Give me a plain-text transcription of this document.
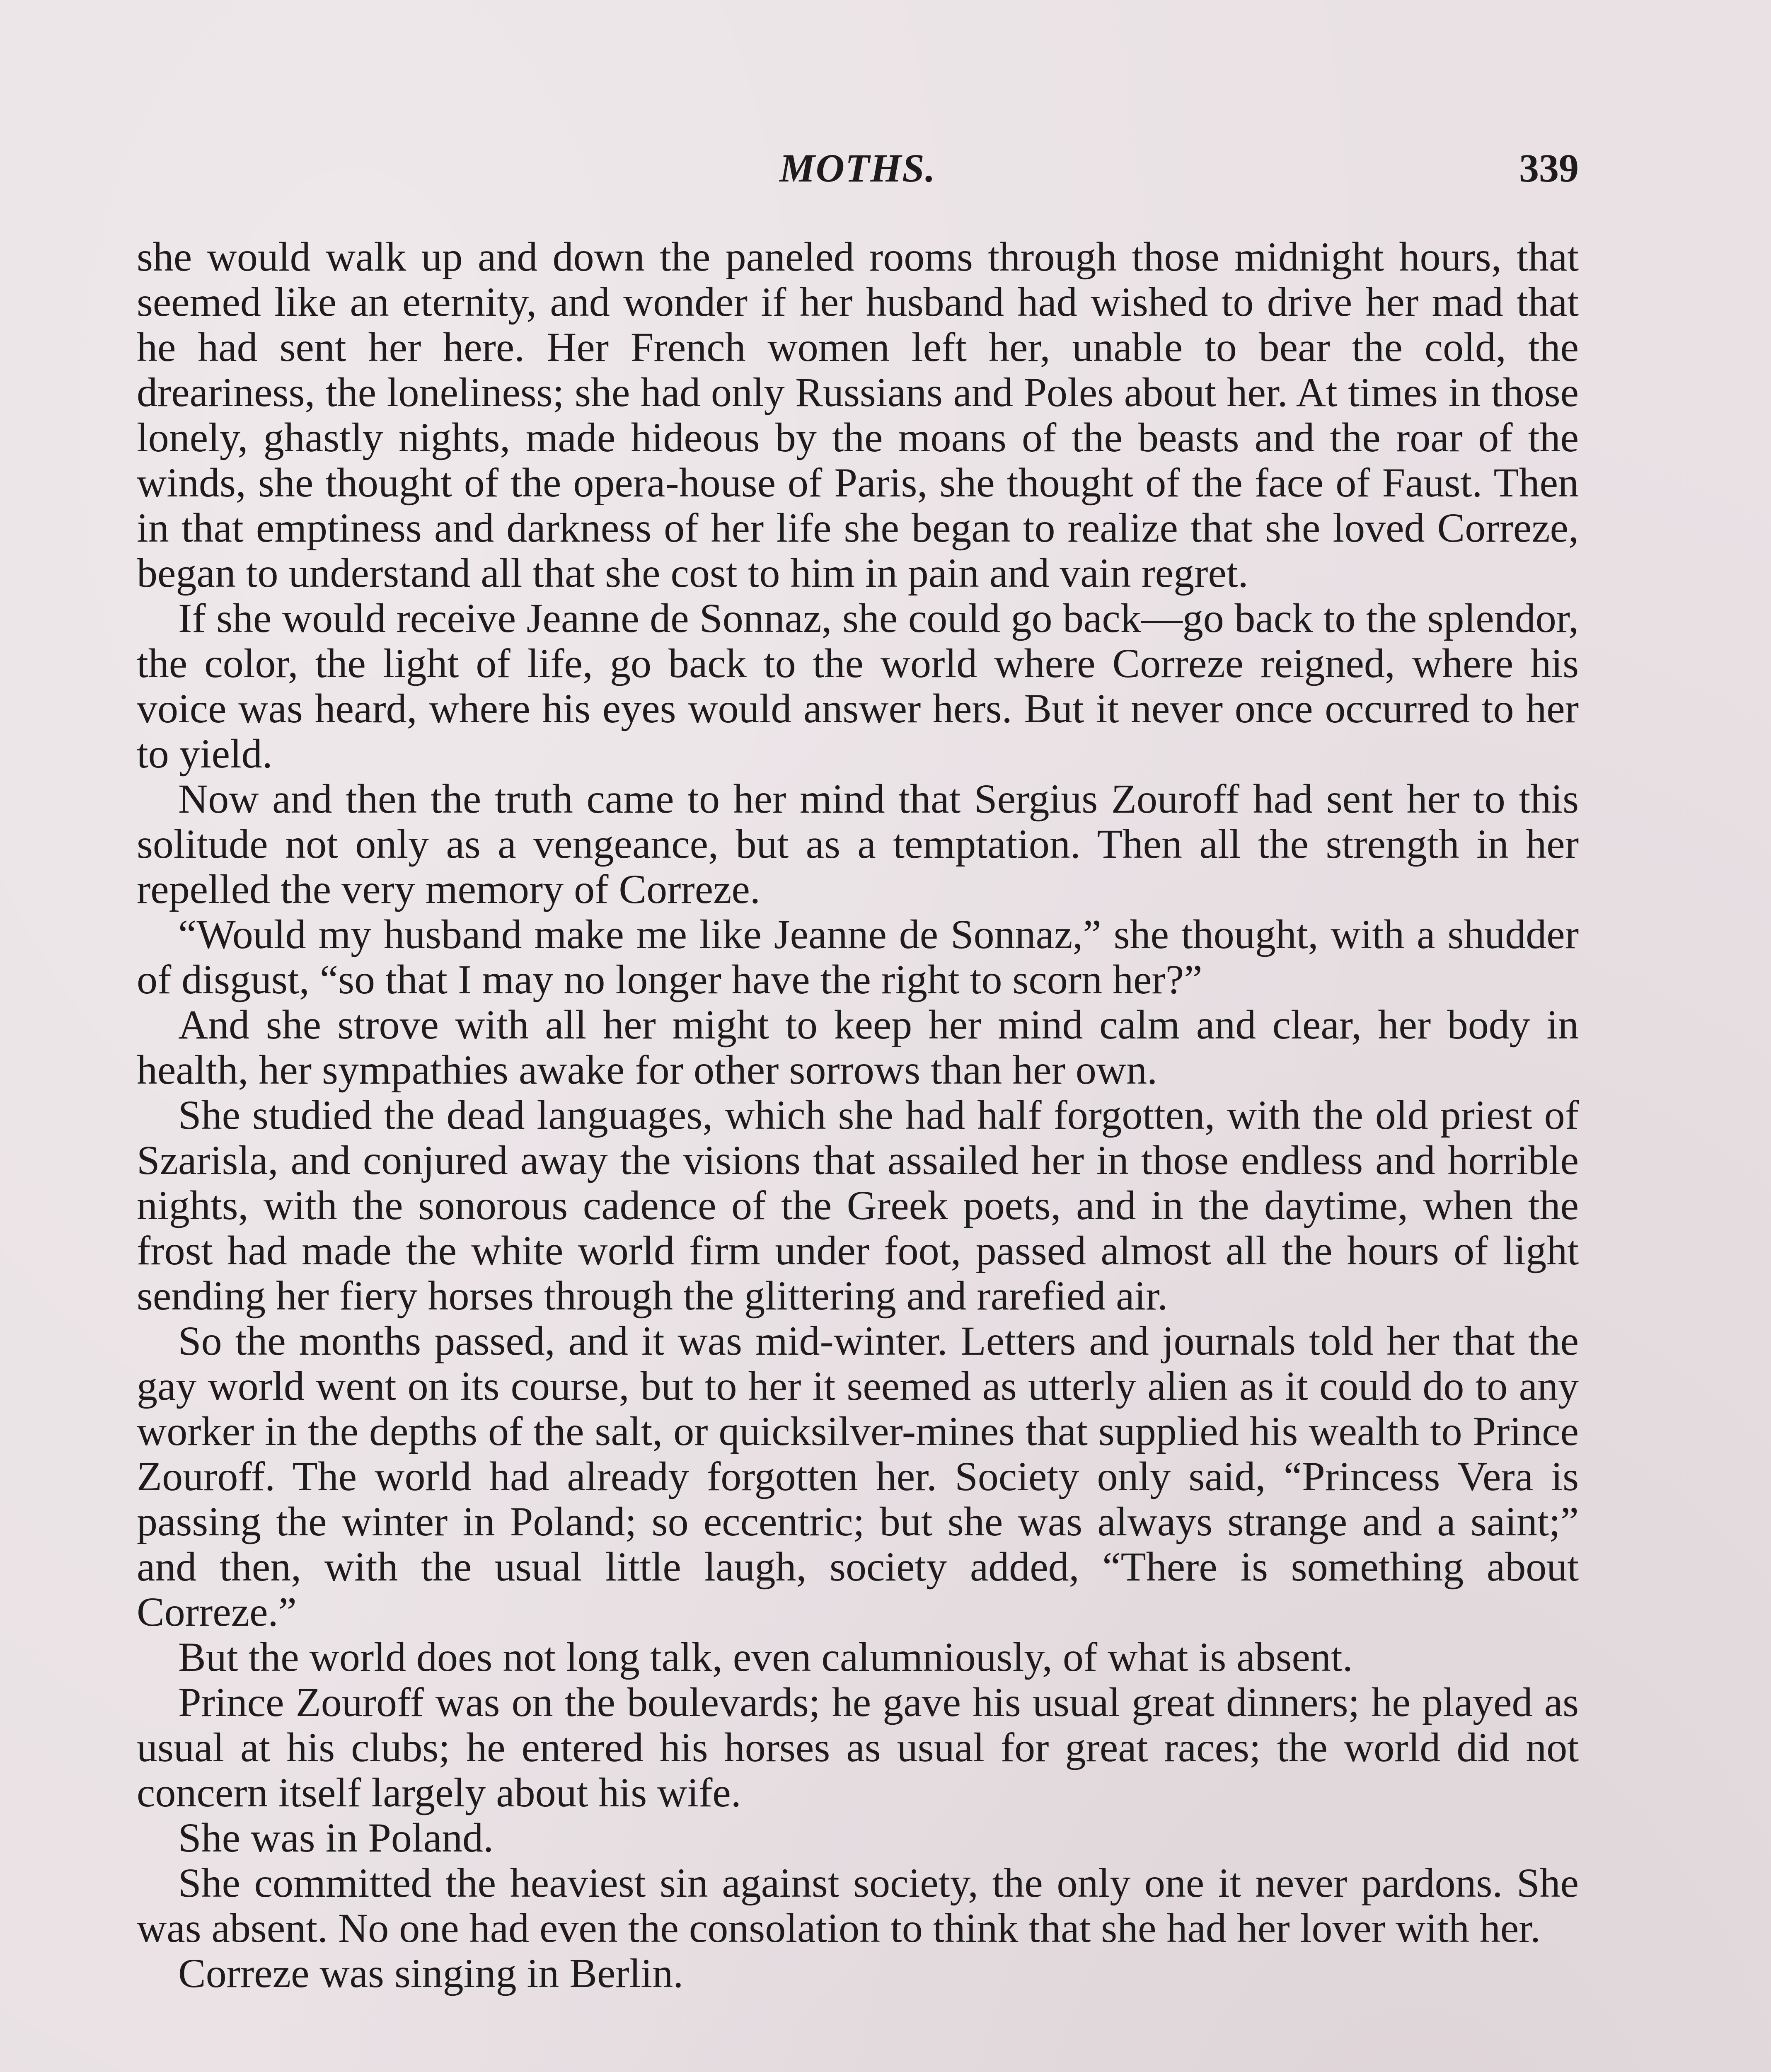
MOTHS.	339

she would walk up and down the paneled rooms through those midnight hours, that seemed like an eternity, and wonder if her husband had wished to drive her mad that he had sent her here. Her French women left her, unable to bear the cold, the dreariness, the loneliness; she had only Russians and Poles about her. At times in those lonely, ghastly nights, made hideous by the moans of the beasts and the roar of the winds, she thought of the opera-house of Paris, she thought of the face of Faust. Then in that emptiness and darkness of her life she began to realize that she loved Correze, began to understand all that she cost to him in pain and vain regret.

If she would receive Jeanne de Sonnaz, she could go back—go back to the splendor, the color, the light of life, go back to the world where Correze reigned, where his voice was heard, where his eyes would answer hers. But it never once occurred to her to yield.

Now and then the truth came to her mind that Sergius Zouroff had sent her to this solitude not only as a vengeance, but as a temptation. Then all the strength in her repelled the very memory of Correze.

“Would my husband make me like Jeanne de Sonnaz,” she thought, with a shudder of disgust, “so that I may no longer have the right to scorn her?”

And she strove with all her might to keep her mind calm and clear, her body in health, her sympathies awake for other sorrows than her own.

She studied the dead languages, which she had half forgotten, with the old priest of Szarisla, and conjured away the visions that assailed her in those endless and horrible nights, with the sonorous cadence of the Greek poets, and in the daytime, when the frost had made the white world firm under foot, passed almost all the hours of light sending her fiery horses through the glittering and rarefied air.

So the months passed, and it was mid-winter. Letters and journals told her that the gay world went on its course, but to her it seemed as utterly alien as it could do to any worker in the depths of the salt, or quicksilver-mines that supplied his wealth to Prince Zouroff. The world had already forgotten her. Society only said, “Princess Vera is passing the winter in Poland; so eccentric; but she was always strange and a saint;” and then, with the usual little laugh, society added, “There is something about Correze.”

But the world does not long talk, even calumniously, of what is absent.

Prince Zouroff was on the boulevards; he gave his usual great dinners; he played as usual at his clubs; he entered his horses as usual for great races; the world did not concern itself largely about his wife.

She was in Poland.

She committed the heaviest sin against society, the only one it never pardons. She was absent. No one had even the consolation to think that she had her lover with her.

Correze was singing in Berlin.
